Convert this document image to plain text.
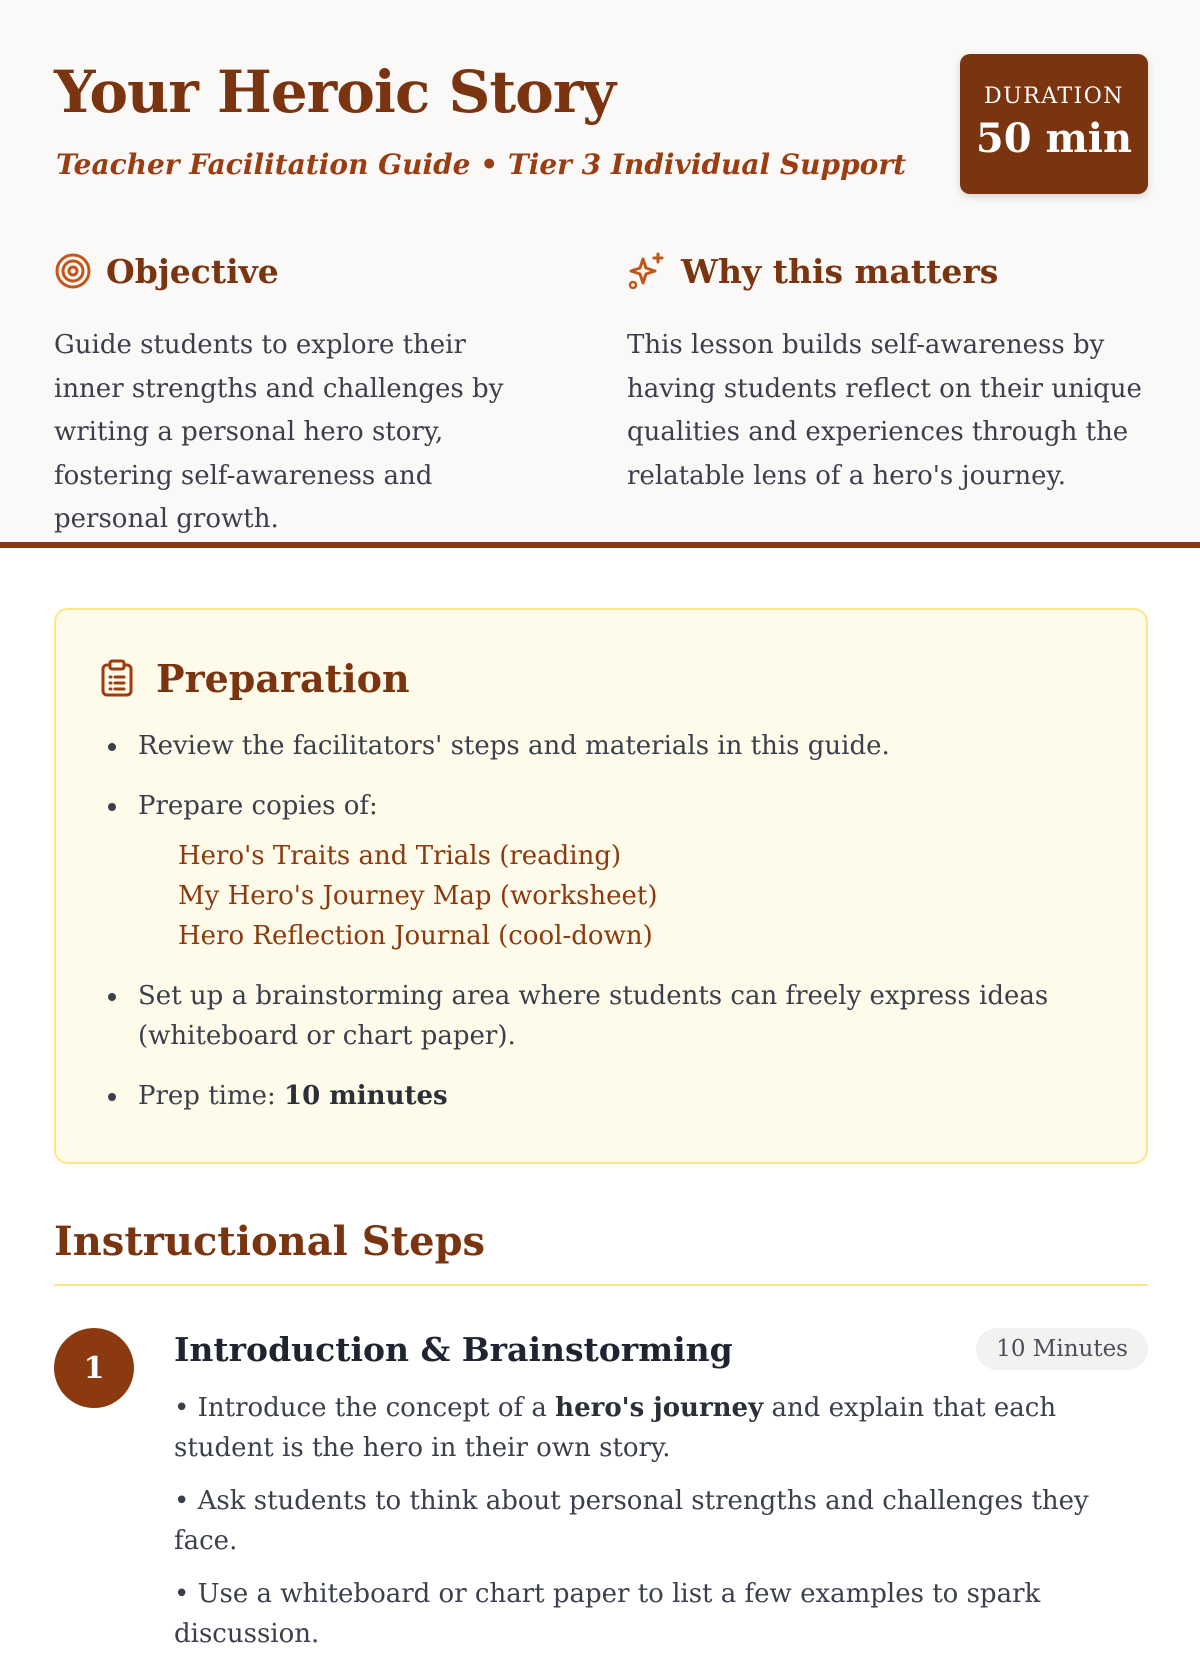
Your Heroic Story
Teacher Facilitation Guide • Tier 3 Individual Support
DURATION
50 min
Objective

Guide students to explore their inner strengths and challenges by writing a personal hero story, fostering self-awareness and personal growth.

Why this matters

This lesson builds self-awareness by having students reflect on their unique qualities and experiences through the relatable lens of a hero's journey.

Preparation
Review the facilitators' steps and materials in this guide.
Prepare copies of:
Hero's Traits and Trials (reading)
My Hero's Journey Map (worksheet)
Hero Reflection Journal (cool-down)
Set up a brainstorming area where students can freely express ideas (whiteboard or chart paper).
Prep time: 10 minutes
Instructional Steps
1	Introduction & Brainstorming	10 Minutes

• Introduce the concept of a hero's journey and explain that each student is the hero in their own story.

• Ask students to think about personal strengths and challenges they face.

• Use a whiteboard or chart paper to list a few examples to spark discussion.
